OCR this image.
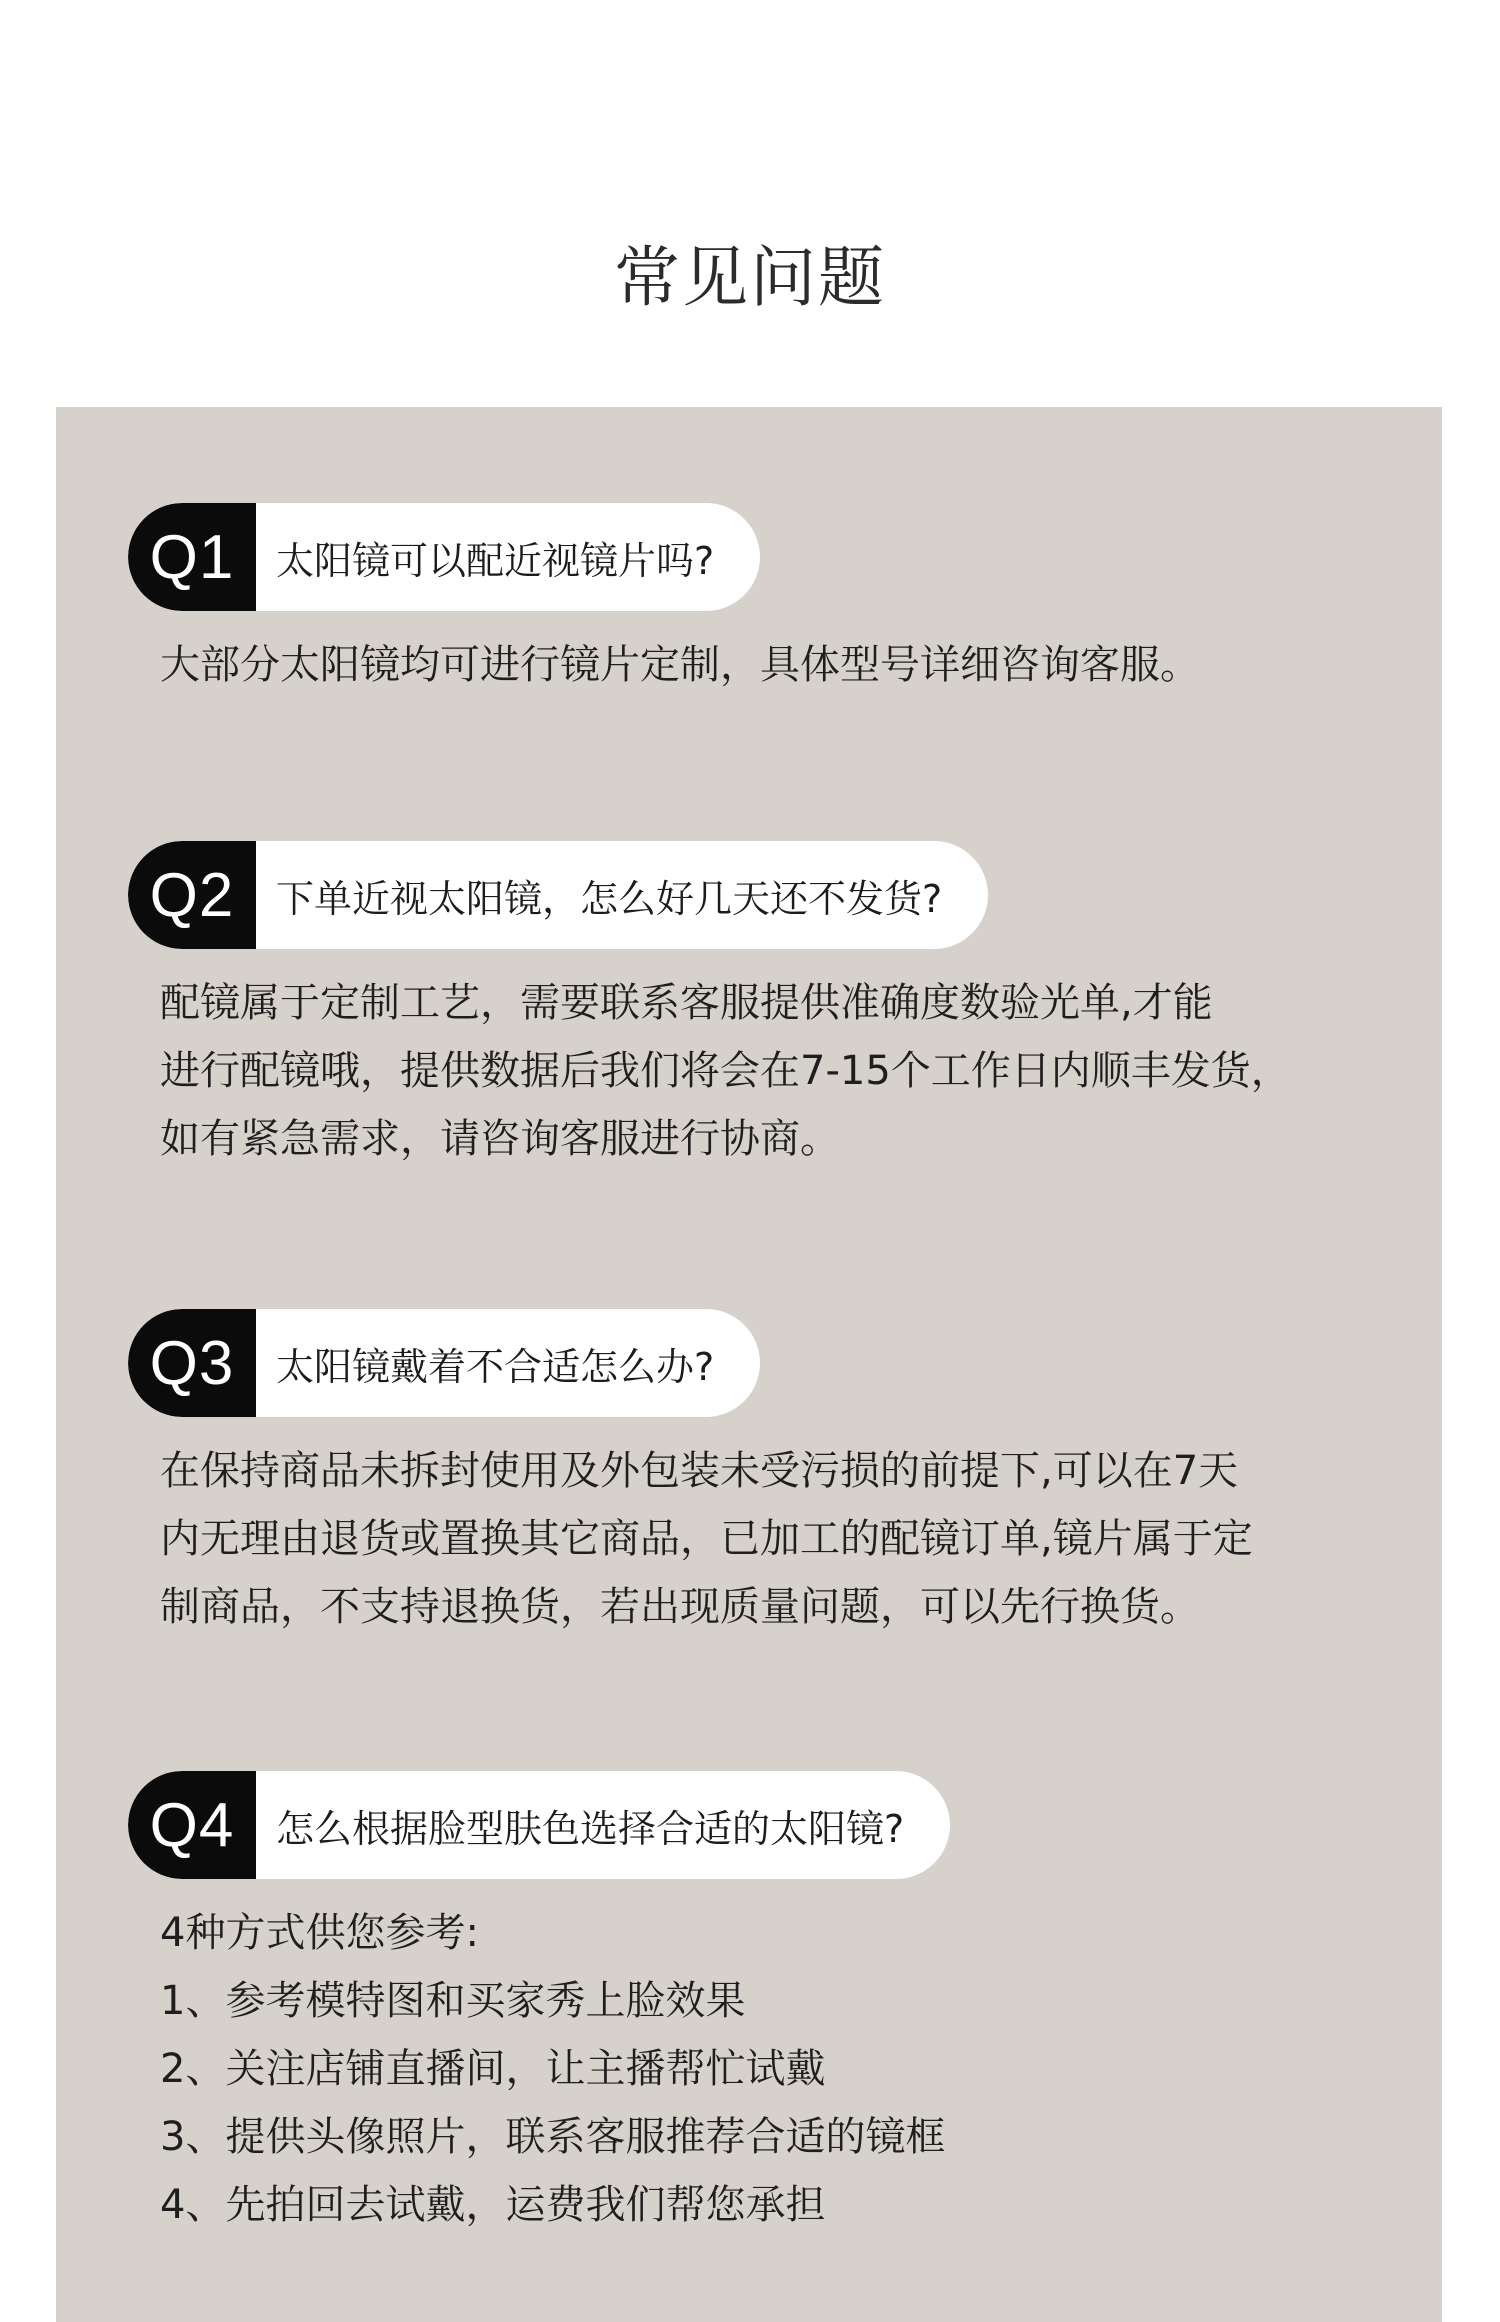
常见问题
Q1	太阳镜可以配近视镜片吗?
大部分太阳镜均可进行镜片定制，具体型号详细咨询客服。
Q2	下单近视太阳镜，怎么好几天还不发货?
配镜属于定制工艺，需要联系客服提供准确度数验光单,才能
进行配镜哦，提供数据后我们将会在7-15个工作日内顺丰发货，
如有紧急需求，请咨询客服进行协商。
Q3	太阳镜戴着不合适怎么办?
在保持商品未拆封使用及外包装未受污损的前提下,可以在7天
内无理由退货或置换其它商品，已加工的配镜订单,镜片属于定
制商品，不支持退换货，若出现质量问题，可以先行换货。
Q4	怎么根据脸型肤色选择合适的太阳镜?
4种方式供您参考:
1、参考模特图和买家秀上脸效果
2、关注店铺直播间，让主播帮忙试戴
3、提供头像照片，联系客服推荐合适的镜框
4、先拍回去试戴，运费我们帮您承担
